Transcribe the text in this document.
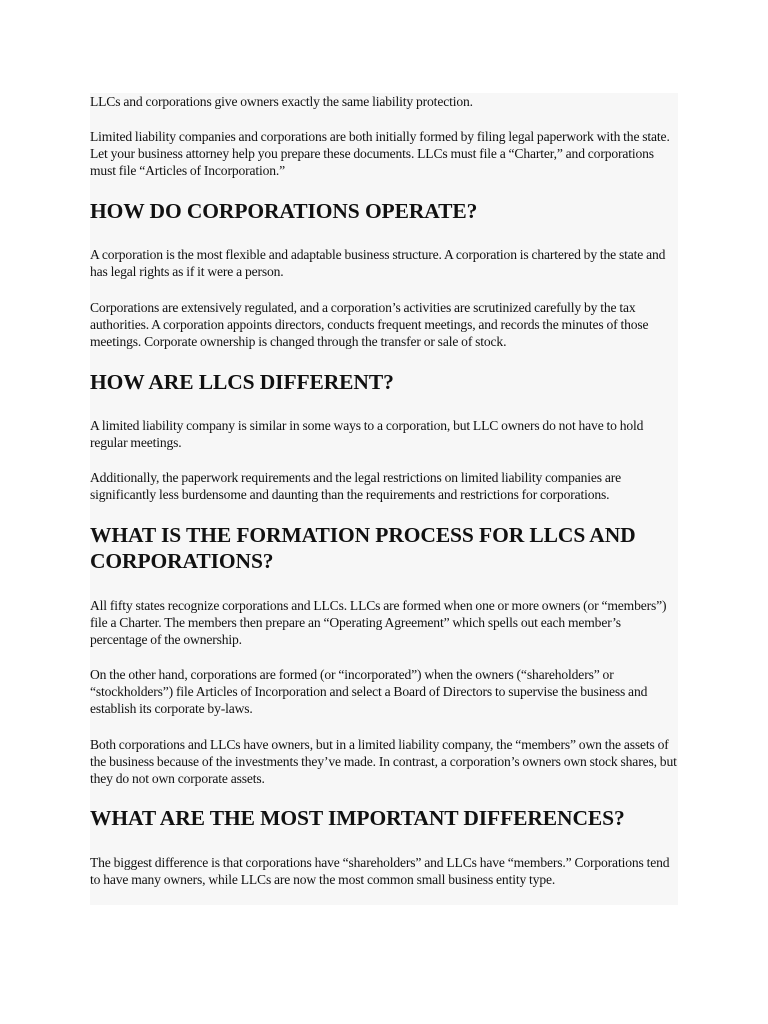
LLCs and corporations give owners exactly the same liability protection.

Limited liability companies and corporations are both initially formed by filing legal paperwork with the state. Let your business attorney help you prepare these documents. LLCs must file a “Charter,” and corporations must file “Articles of Incorporation.”

HOW DO CORPORATIONS OPERATE?

A corporation is the most flexible and adaptable business structure. A corporation is chartered by the state and has legal rights as if it were a person.

Corporations are extensively regulated, and a corporation’s activities are scrutinized carefully by the tax authorities. A corporation appoints directors, conducts frequent meetings, and records the minutes of those meetings. Corporate ownership is changed through the transfer or sale of stock.

HOW ARE LLCS DIFFERENT?

A limited liability company is similar in some ways to a corporation, but LLC owners do not have to hold regular meetings.

Additionally, the paperwork requirements and the legal restrictions on limited liability companies are significantly less burdensome and daunting than the requirements and restrictions for corporations.

WHAT IS THE FORMATION PROCESS FOR LLCS AND CORPORATIONS?

All fifty states recognize corporations and LLCs. LLCs are formed when one or more owners (or “members”) file a Charter. The members then prepare an “Operating Agreement” which spells out each member’s percentage of the ownership.

On the other hand, corporations are formed (or “incorporated”) when the owners (“shareholders” or “stockholders”) file Articles of Incorporation and select a Board of Directors to supervise the business and establish its corporate by-laws.

Both corporations and LLCs have owners, but in a limited liability company, the “members” own the assets of the business because of the investments they’ve made. In contrast, a corporation’s owners own stock shares, but they do not own corporate assets.

WHAT ARE THE MOST IMPORTANT DIFFERENCES?

The biggest difference is that corporations have “shareholders” and LLCs have “members.” Corporations tend to have many owners, while LLCs are now the most common small business entity type.
